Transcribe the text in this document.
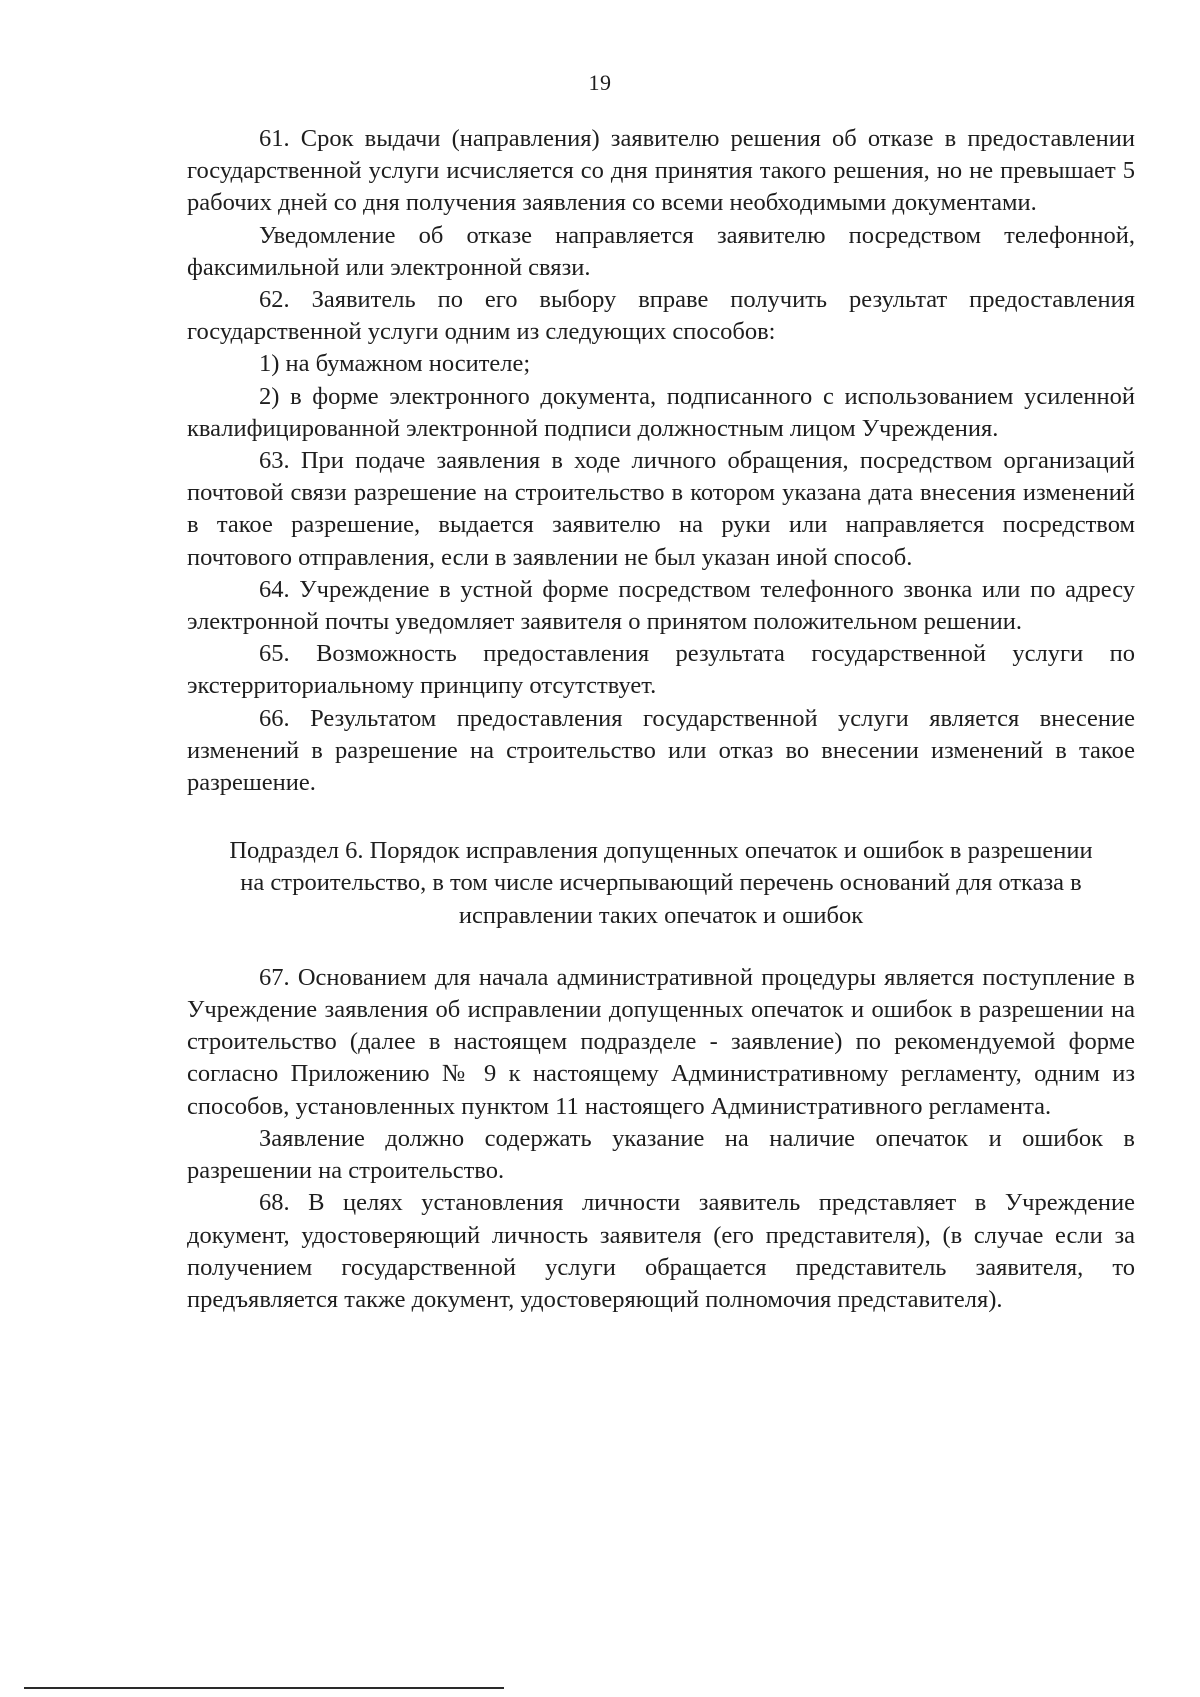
19

61. Срок выдачи (направления) заявителю решения об отказе в предоставлении государственной услуги исчисляется со дня принятия такого решения, но не превышает 5 рабочих дней со дня получения заявления со всеми необходимыми документами.

Уведомление об отказе направляется заявителю посредством телефонной, факсимильной или электронной связи.

62. Заявитель по его выбору вправе получить результат предоставления государственной услуги одним из следующих способов:

1) на бумажном носителе;

2) в форме электронного документа, подписанного с использованием усиленной квалифицированной электронной подписи должностным лицом Учреждения.

63. При подаче заявления в ходе личного обращения, посредством организаций почтовой связи разрешение на строительство в котором указана дата внесения изменений в такое разрешение, выдается заявителю на руки или направляется посредством почтового отправления, если в заявлении не был указан иной способ.

64. Учреждение в устной форме посредством телефонного звонка или по адресу электронной почты уведомляет заявителя о принятом положительном решении.

65. Возможность предоставления результата государственной услуги по экстерриториальному принципу отсутствует.

66. Результатом предоставления государственной услуги является внесение изменений в разрешение на строительство или отказ во внесении изменений в такое разрешение.

Подраздел 6. Порядок исправления допущенных опечаток и ошибок в разрешении на строительство, в том числе исчерпывающий перечень оснований для отказа в исправлении таких опечаток и ошибок

67. Основанием для начала административной процедуры является поступление в Учреждение заявления об исправлении допущенных опечаток и ошибок в разрешении на строительство (далее в настоящем подразделе - заявление) по рекомендуемой форме согласно Приложению № 9 к настоящему Административному регламенту, одним из способов, установленных пунктом 11 настоящего Административного регламента.

Заявление должно содержать указание на наличие опечаток и ошибок в разрешении на строительство.

68. В целях установления личности заявитель представляет в Учреждение документ, удостоверяющий личность заявителя (его представителя), (в случае если за получением государственной услуги обращается представитель заявителя, то предъявляется также документ, удостоверяющий полномочия представителя).
